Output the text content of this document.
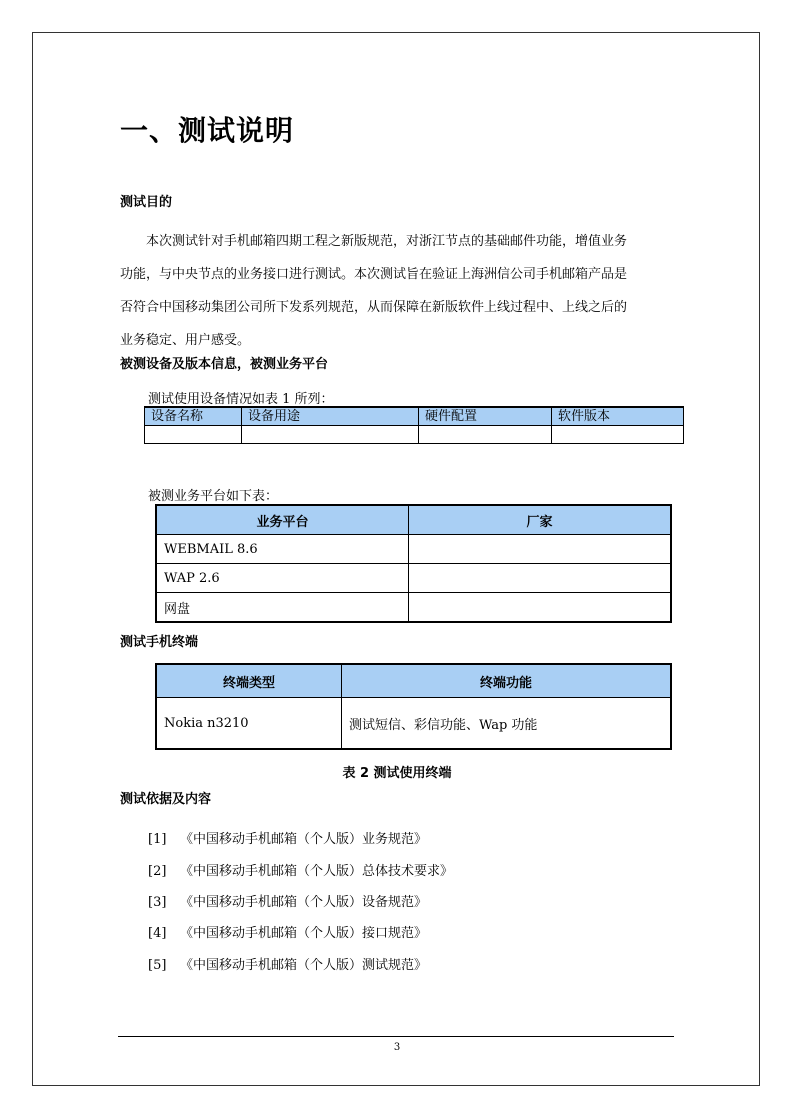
一、测试说明
测试目的
本次测试针对手机邮箱四期工程之新版规范，对浙江节点的基础邮件功能，增值业务
功能，与中央节点的业务接口进行测试。本次测试旨在验证上海洲信公司手机邮箱产品是
否符合中国移动集团公司所下发系列规范，从而保障在新版软件上线过程中、上线之后的
业务稳定、用户感受。
被测设备及版本信息，被测业务平台
测试使用设备情况如表 1 所列：
设备名称	设备用途	硬件配置	软件版本

被测业务平台如下表：
业务平台	厂家
WEBMAIL 8.6	
WAP 2.6	
网盘	
测试手机终端
终端类型	终端功能
Nokia n3210	测试短信、彩信功能、Wap 功能
表 2 测试使用终端
测试依据及内容
[1] 《中国移动手机邮箱（个人版）业务规范》
[2] 《中国移动手机邮箱（个人版）总体技术要求》
[3] 《中国移动手机邮箱（个人版）设备规范》
[4] 《中国移动手机邮箱（个人版）接口规范》
[5] 《中国移动手机邮箱（个人版）测试规范》
3
